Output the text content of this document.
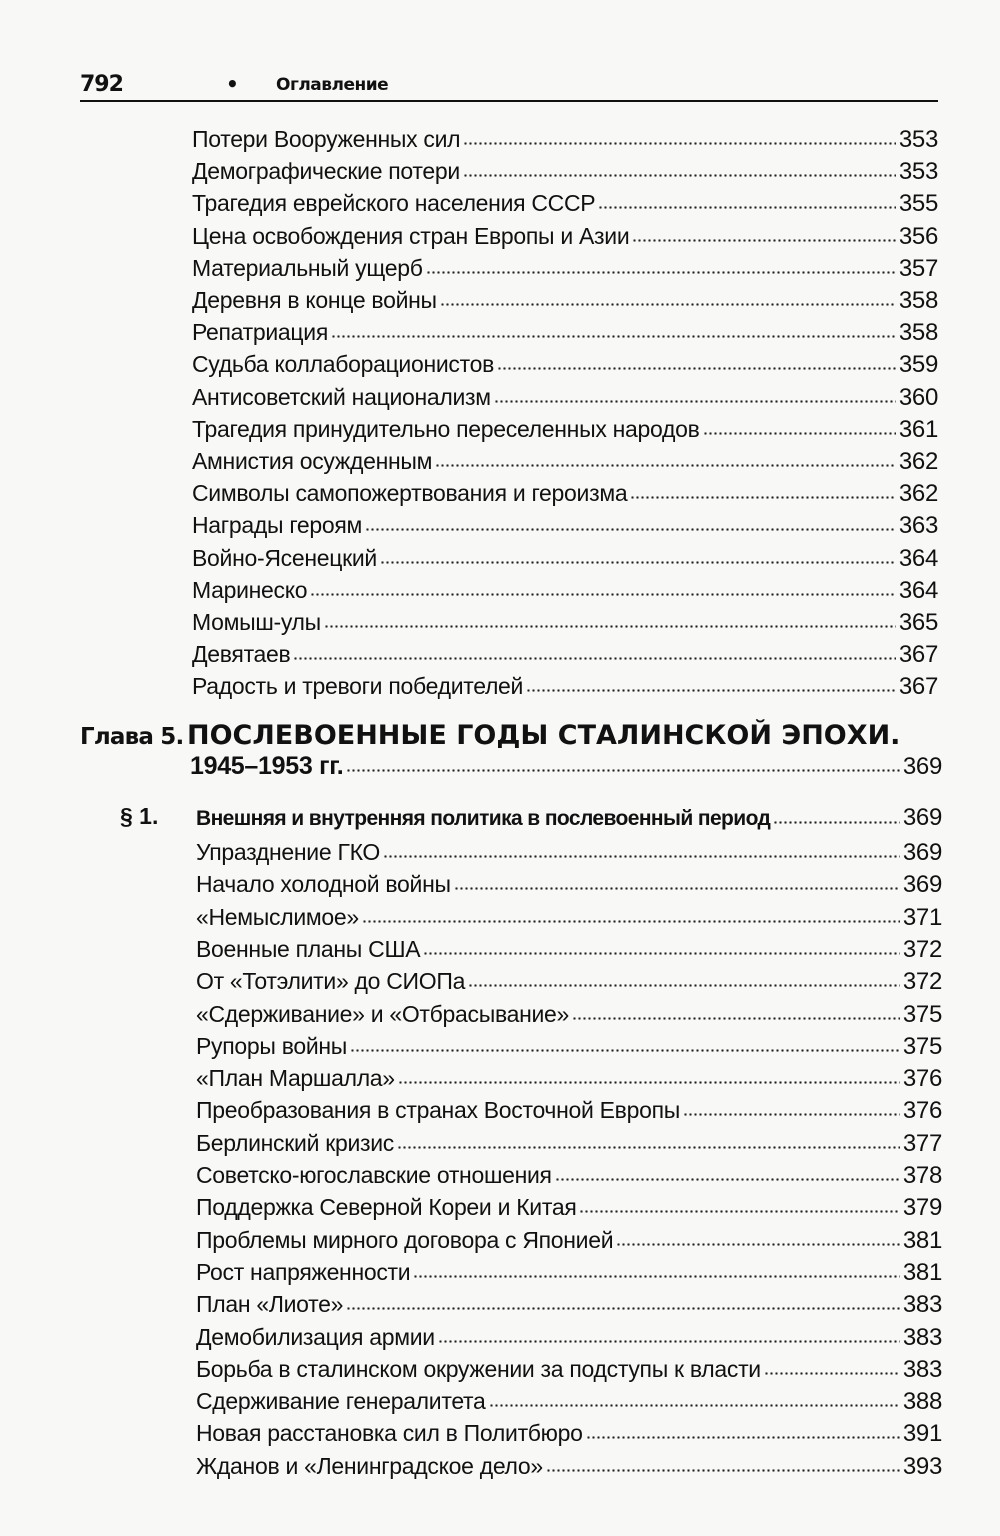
792	• Оглавление
Потери Вооруженных сил	353
Демографические потери	353
Трагедия еврейского населения СССР	355
Цена освобождения стран Европы и Азии	356
Материальный ущерб	357
Деревня в конце войны	358
Репатриация	358
Судьба коллаборационистов	359
Антисоветский национализм	360
Трагедия принудительно переселенных народов	361
Амнистия осужденным	362
Символы самопожертвования и героизма	362
Награды героям	363
Войно-Ясенецкий	364
Маринеско	364
Момыш-улы	365
Девятаев	367
Радость и тревоги победителей	367
Глава 5. ПОСЛЕВОЕННЫЕ ГОДЫ СТАЛИНСКОЙ ЭПОХИ.
1945–1953 гг.	369
§ 1. Внешняя и внутренняя политика в послевоенный период	369
Упразднение ГКО	369
Начало холодной войны	369
«Немыслимое»	371
Военные планы США	372
От «Тотэлити» до СИОПа	372
«Сдерживание» и «Отбрасывание»	375
Рупоры войны	375
«План Маршалла»	376
Преобразования в странах Восточной Европы	376
Берлинский кризис	377
Советско-югославские отношения	378
Поддержка Северной Кореи и Китая	379
Проблемы мирного договора с Японией	381
Рост напряженности	381
План «Лиоте»	383
Демобилизация армии	383
Борьба в сталинском окружении за подступы к власти	383
Сдерживание генералитета	388
Новая расстановка сил в Политбюро	391
Жданов и «Ленинградское дело»	393
